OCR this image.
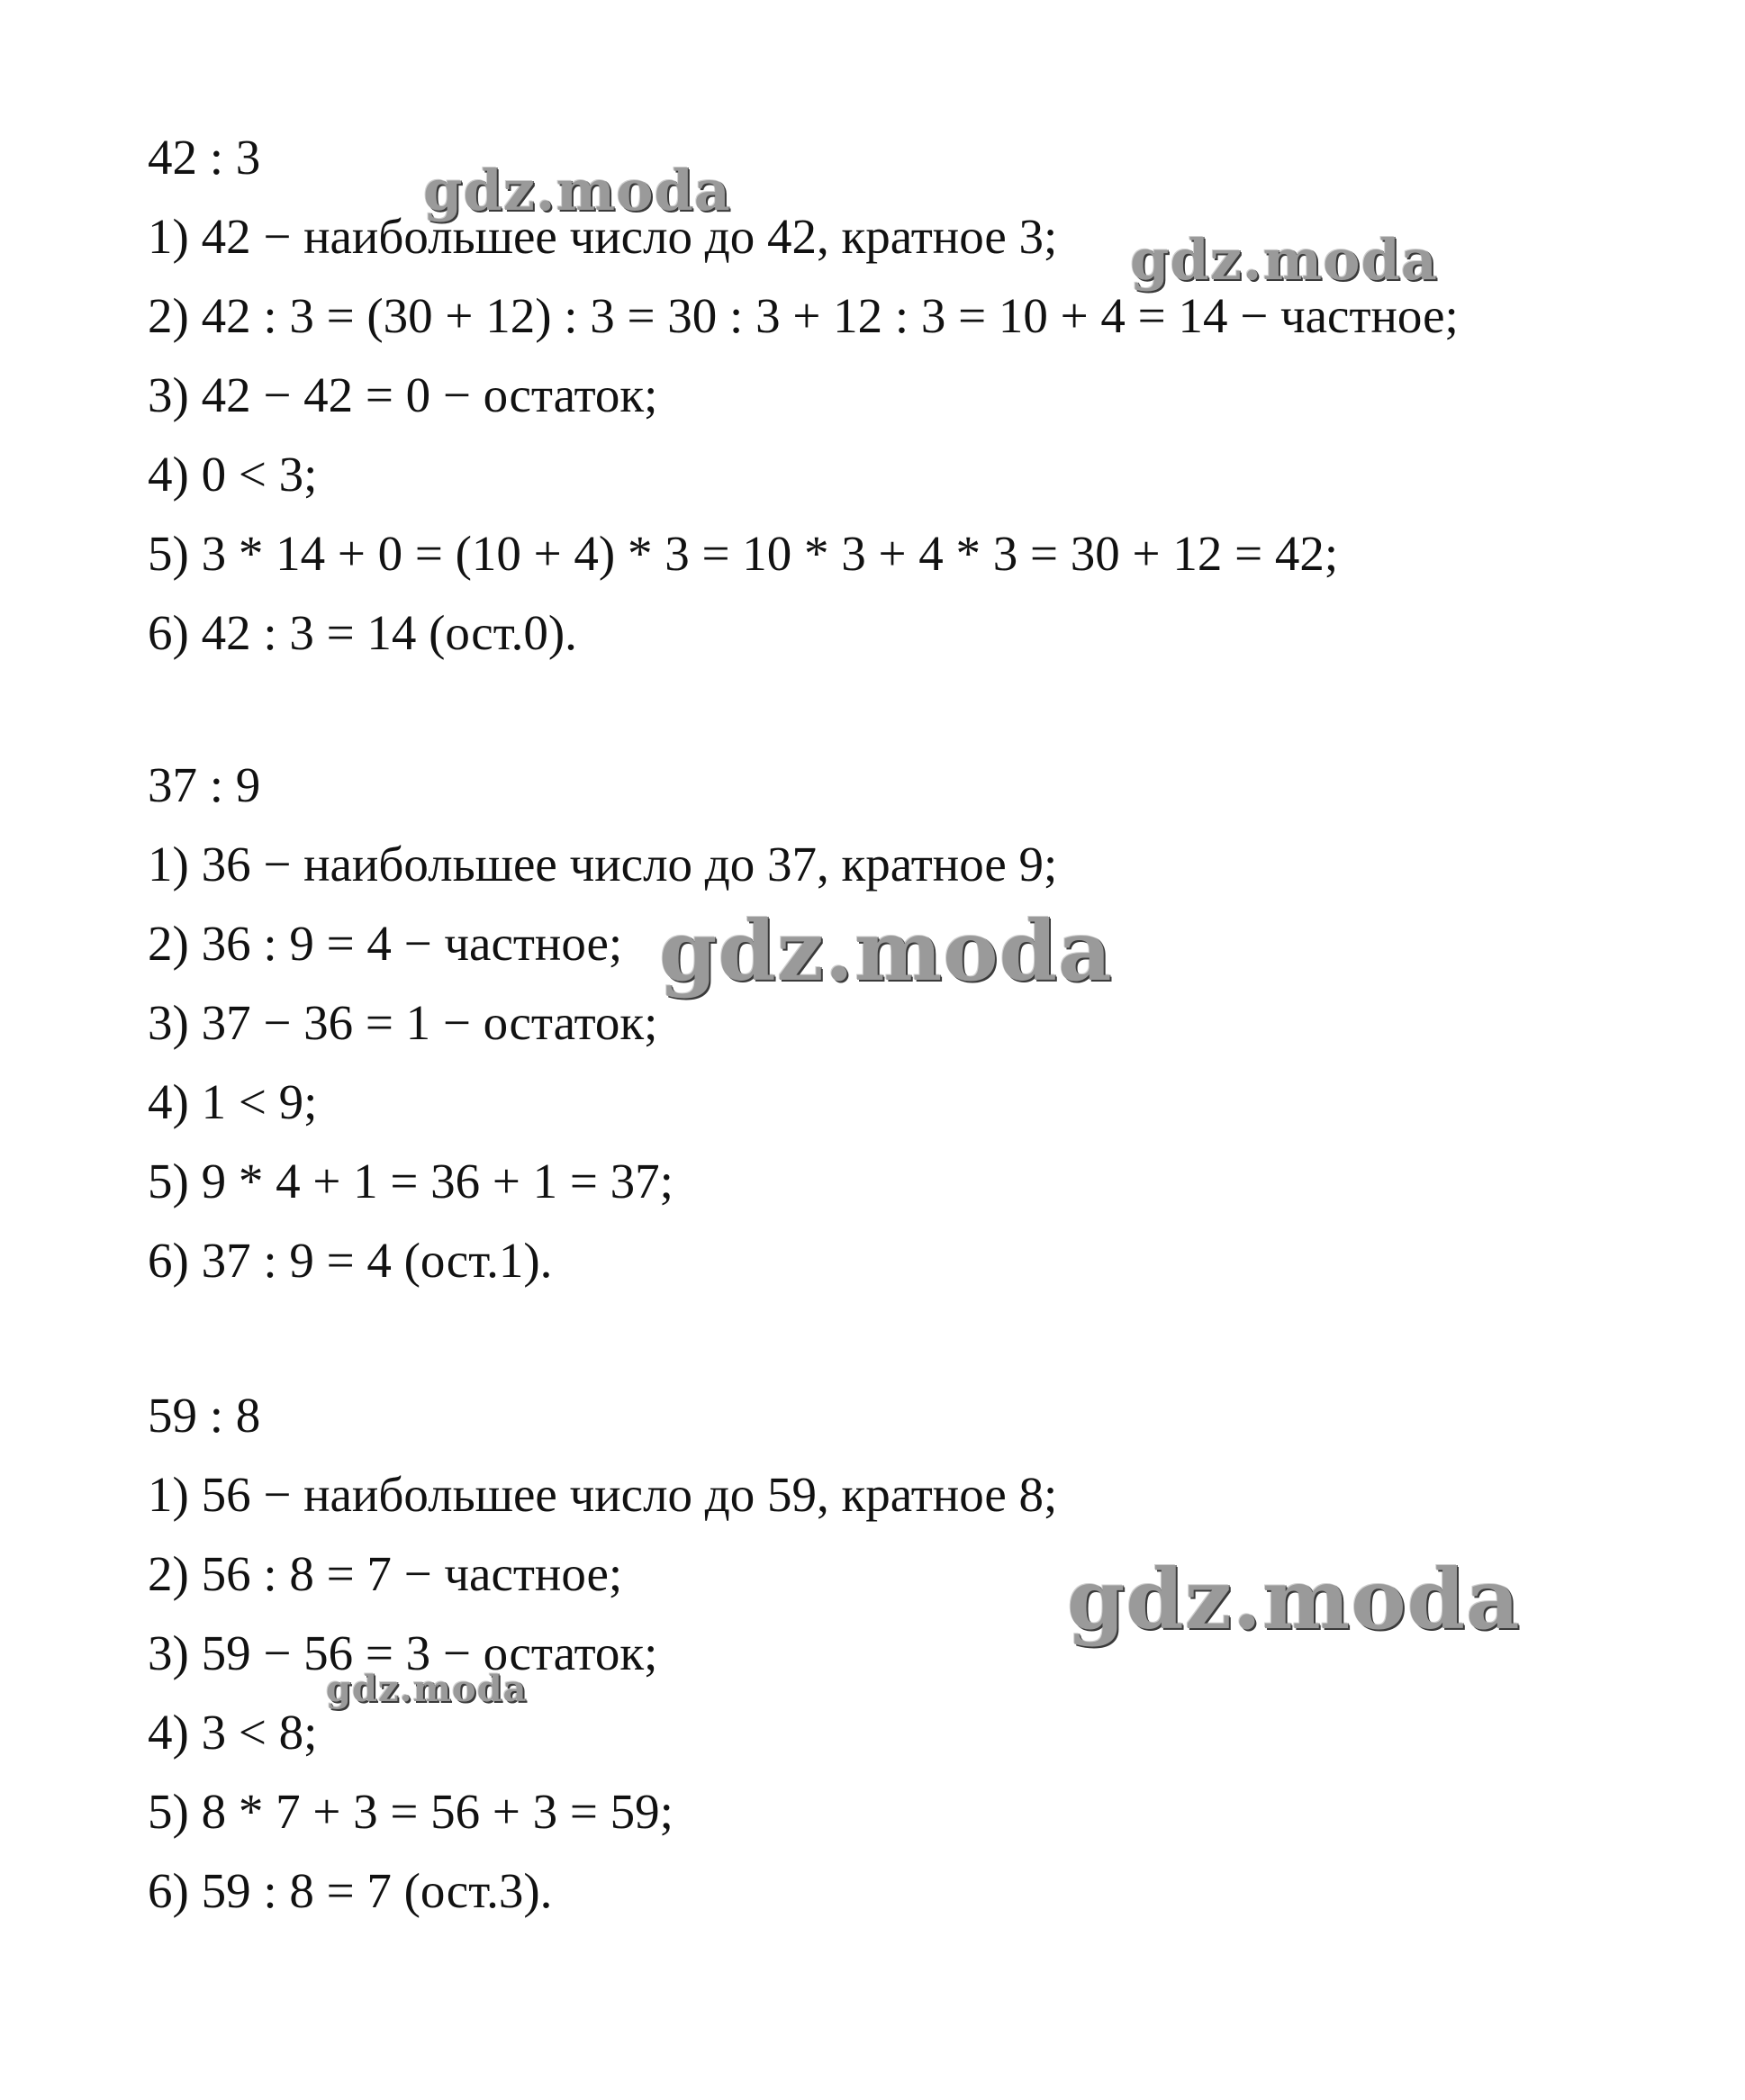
42 : 3
1) 42 − наибольшее число до 42, кратное 3;
2) 42 : 3 = (30 + 12) : 3 = 30 : 3 + 12 : 3 = 10 + 4 = 14 − частное;
3) 42 − 42 = 0 − остаток;
4) 0 < 3;
5) 3 * 14 + 0 = (10 + 4) * 3 = 10 * 3 + 4 * 3 = 30 + 12 = 42;
6) 42 : 3 = 14 (ост.0).
37 : 9
1) 36 − наибольшее число до 37, кратное 9;
2) 36 : 9 = 4 − частное;
3) 37 − 36 = 1 − остаток;
4) 1 < 9;
5) 9 * 4 + 1 = 36 + 1 = 37;
6) 37 : 9 = 4 (ост.1).
59 : 8
1) 56 − наибольшее число до 59, кратное 8;
2) 56 : 8 = 7 − частное;
3) 59 − 56 = 3 − остаток;
4) 3 < 8;
5) 8 * 7 + 3 = 56 + 3 = 59;
6) 59 : 8 = 7 (ост.3).
gdz.moda
gdz.moda
gdz.moda
gdz.moda
gdz.moda
